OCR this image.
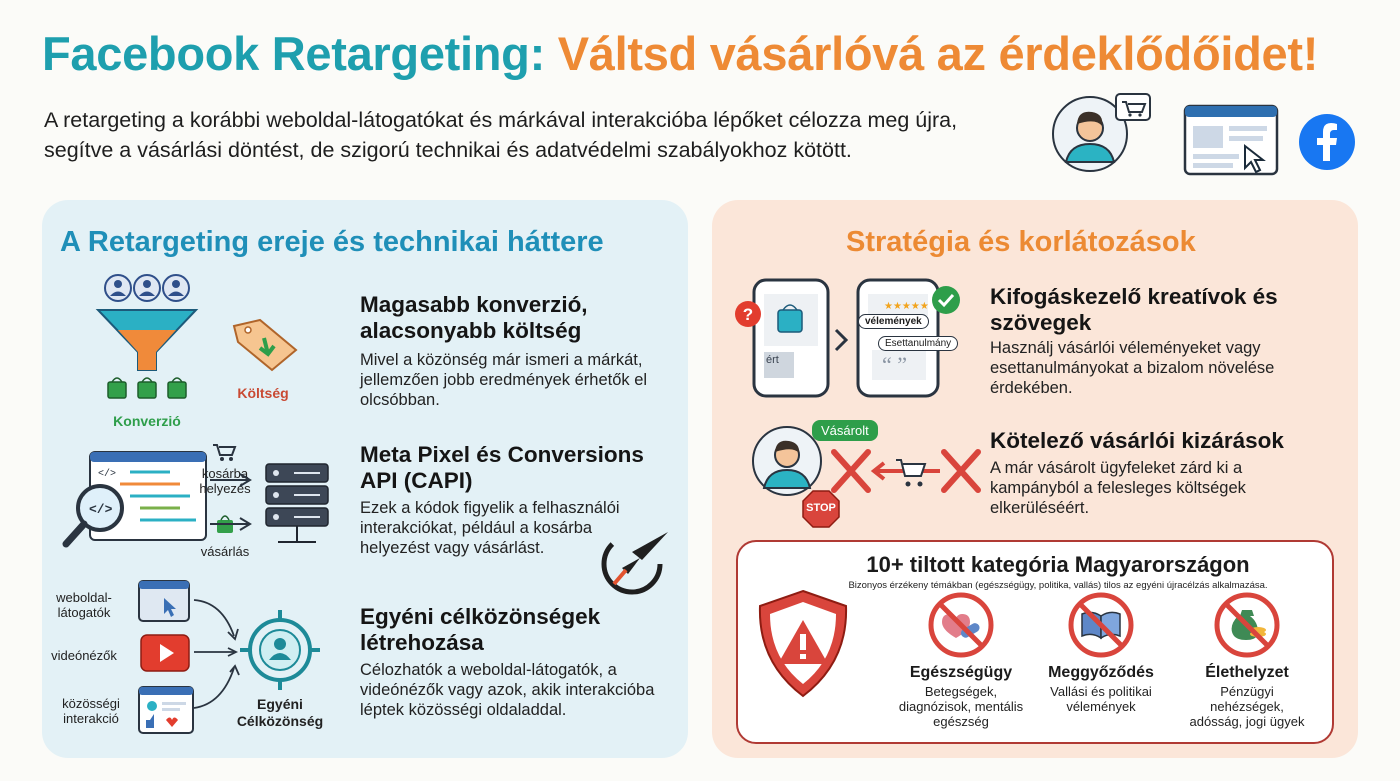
Facebook Retargeting: Váltsd vásárlóvá az érdeklődőidet!
A retargeting a korábbi weboldal-látogatókat és márkával interakcióba lépőket célozza meg újra, segítve a vásárlási döntést, de szigorú technikai és adatvédelmi szabályokhoz kötött.
A Retargeting ereje és technikai háttere
Konverzió
Költség
Magasabb konverzió, alacsonyabb költség
Mivel a közönség már ismeri a márkát, jellemzően jobb eredmények érhetők el olcsóbban.
</>
</>
kosárba helyezés
vásárlás
Meta Pixel és Conversions API (CAPI)
Ezek a kódok figyelik a felhasználói interakciókat, például a kosárba helyezést vagy vásárlást.
weboldal-látogatók
videónézők
közösségi interakció
Egyéni Célközönség
Egyéni célközönségek létrehozása
Célozhatók a weboldal-látogatók, a videónézők vagy azok, akik interakcióba léptek közösségi oldaladdal.
Stratégia és korlátozások
?	★★★★★
“ ”
vélemények
Esettanulmány
ért
Kifogáskezelő kreatívok és szövegek
Használj vásárlói véleményeket vagy esettanulmányokat a bizalom növelése érdekében.
Vásárolt
STOP
Kötelező vásárlói kizárások
A már vásárolt ügyfeleket zárd ki a kampányból a felesleges költségek elkerüléséért.
10+ tiltott kategória Magyarországon
Bizonyos érzékeny témákban (egészségügy, politika, vallás) tilos az egyéni újracélzás alkalmazása.
Egészségügy
Betegségek, diagnózisok, mentális egészség
Meggyőződés
Vallási és politikai vélemények
Élethelyzet
Pénzügyi nehézségek, adósság, jogi ügyek
